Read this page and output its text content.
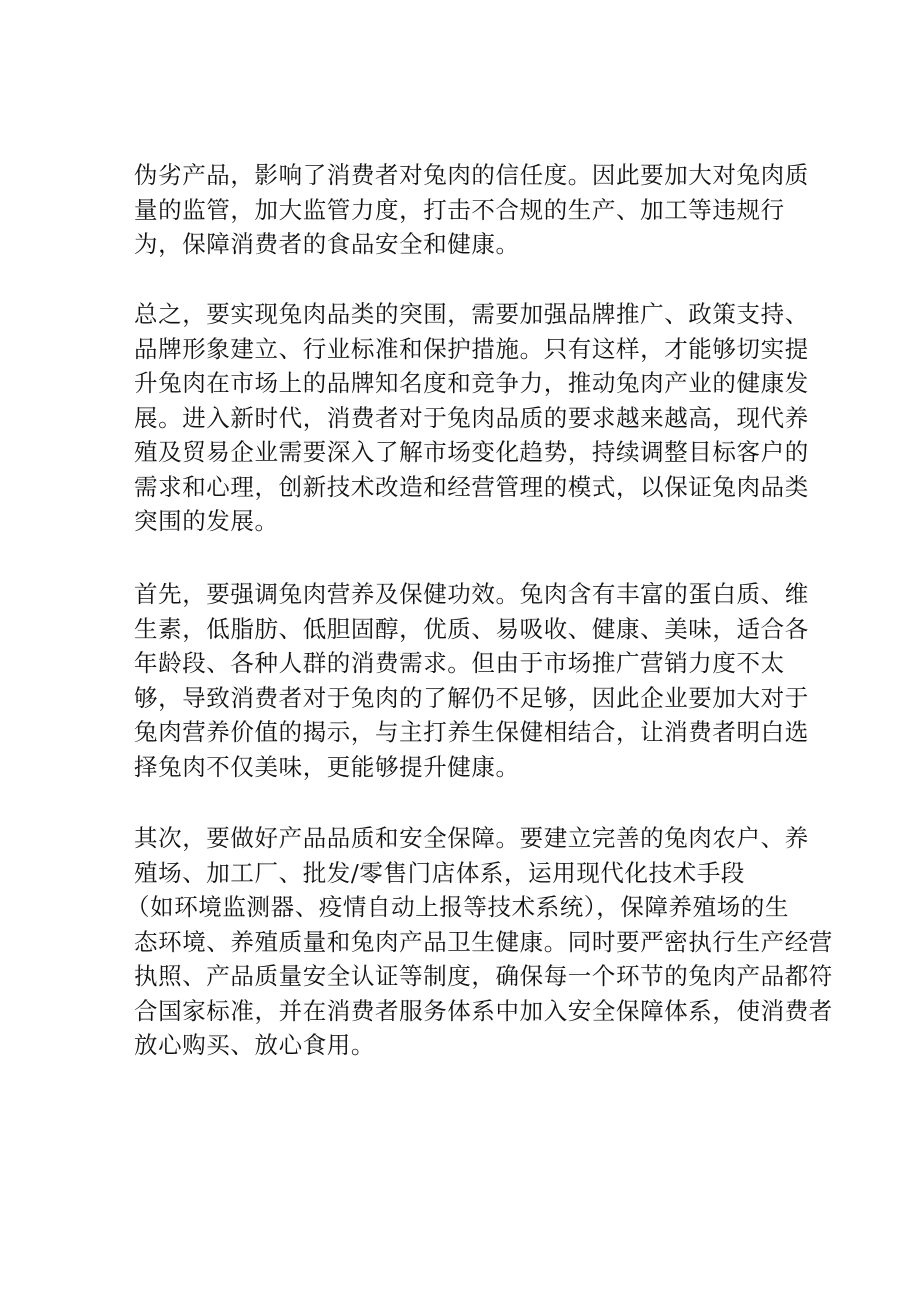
伪劣产品，影响了消费者对兔肉的信任度。因此要加大对兔肉质
量的监管，加大监管力度，打击不合规的生产、加工等违规行
为，保障消费者的食品安全和健康。
总之，要实现兔肉品类的突围，需要加强品牌推广、政策支持、
品牌形象建立、行业标准和保护措施。只有这样，才能够切实提
升兔肉在市场上的品牌知名度和竞争力，推动兔肉产业的健康发
展。进入新时代，消费者对于兔肉品质的要求越来越高，现代养
殖及贸易企业需要深入了解市场变化趋势，持续调整目标客户的
需求和心理，创新技术改造和经营管理的模式，以保证兔肉品类
突围的发展。
首先，要强调兔肉营养及保健功效。兔肉含有丰富的蛋白质、维
生素，低脂肪、低胆固醇，优质、易吸收、健康、美味，适合各
年龄段、各种人群的消费需求。但由于市场推广营销力度不太
够，导致消费者对于兔肉的了解仍不足够，因此企业要加大对于
兔肉营养价值的揭示，与主打养生保健相结合，让消费者明白选
择兔肉不仅美味，更能够提升健康。
其次，要做好产品品质和安全保障。要建立完善的兔肉农户、养
殖场、加工厂、批发/零售门店体系，运用现代化技术手段
（如环境监测器、疫情自动上报等技术系统），保障养殖场的生
态环境、养殖质量和兔肉产品卫生健康。同时要严密执行生产经营
执照、产品质量安全认证等制度，确保每一个环节的兔肉产品都符
合国家标准，并在消费者服务体系中加入安全保障体系，使消费者
放心购买、放心食用。
